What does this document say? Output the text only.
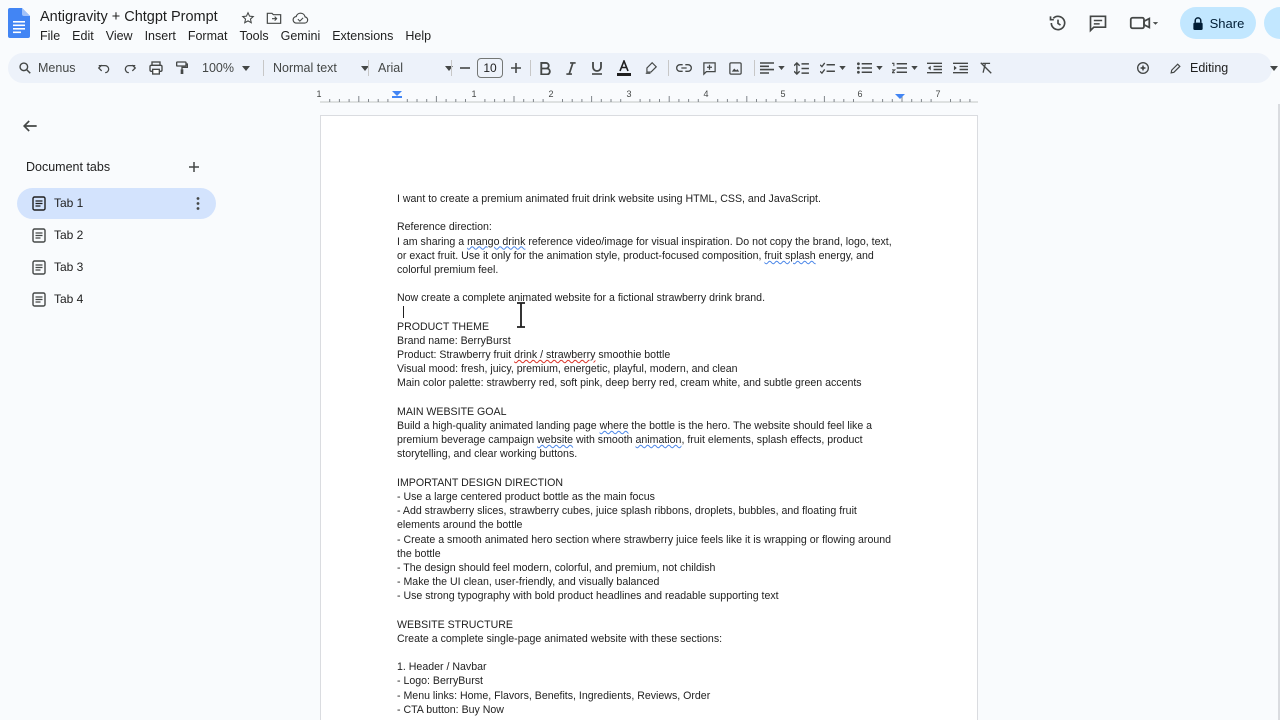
Antigravity + Chtgpt Prompt
File Edit View Insert Format Tools Gemini Extensions Help
Share
Menus	100%	Normal text	Arial	10	Editing
1	1	2	3	4	5	6	7
Document tabs
Tab 1
Tab 2
Tab 3
Tab 4
I want to create a premium animated fruit drink website using HTML, CSS, and JavaScript.
Reference direction:
I am sharing a mango drink reference video/image for visual inspiration. Do not copy the brand, logo, text,
or exact fruit. Use it only for the animation style, product-focused composition, fruit splash energy, and
colorful premium feel.
Now create a complete animated website for a fictional strawberry drink brand.
PRODUCT THEME
Brand name: BerryBurst
Product: Strawberry fruit drink / strawberry smoothie bottle
Visual mood: fresh, juicy, premium, energetic, playful, modern, and clean
Main color palette: strawberry red, soft pink, deep berry red, cream white, and subtle green accents
MAIN WEBSITE GOAL
Build a high-quality animated landing page where the bottle is the hero. The website should feel like a
premium beverage campaign website with smooth animation, fruit elements, splash effects, product
storytelling, and clear working buttons.
IMPORTANT DESIGN DIRECTION
- Use a large centered product bottle as the main focus
- Add strawberry slices, strawberry cubes, juice splash ribbons, droplets, bubbles, and floating fruit
elements around the bottle
- Create a smooth animated hero section where strawberry juice feels like it is wrapping or flowing around
the bottle
- The design should feel modern, colorful, and premium, not childish
- Make the UI clean, user-friendly, and visually balanced
- Use strong typography with bold product headlines and readable supporting text
WEBSITE STRUCTURE
Create a complete single-page animated website with these sections:
1. Header / Navbar
- Logo: BerryBurst
- Menu links: Home, Flavors, Benefits, Ingredients, Reviews, Order
- CTA button: Buy Now
